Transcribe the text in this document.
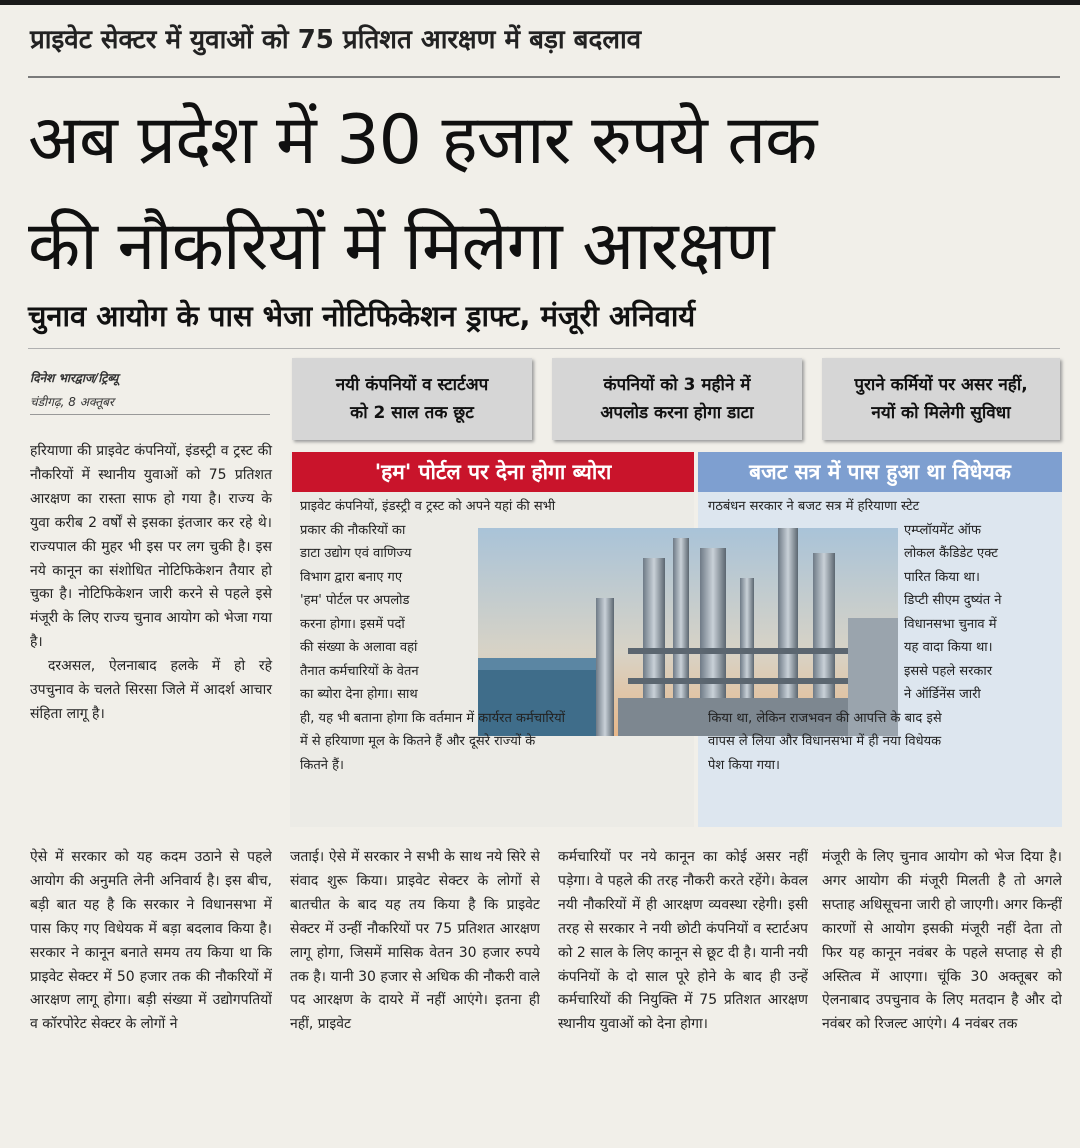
प्राइवेट सेक्टर में युवाओं को 75 प्रतिशत आरक्षण में बड़ा बदलाव
अब प्रदेश में 30 हजार रुपये तक
की नौकरियों में मिलेगा आरक्षण
चुनाव आयोग के पास भेजा नोटिफिकेशन ड्राफ्ट, मंजूरी अनिवार्य
दिनेश भारद्वाज/ट्रिब्यू
चंडीगढ़, 8 अक्तूबर
नयी कंपनियों व स्टार्टअप
को 2 साल तक छूट
कंपनियों को 3 महीने में
अपलोड करना होगा डाटा
पुराने कर्मियों पर असर नहीं,
नयों को मिलेगी सुविधा

हरियाणा की प्राइवेट कंपनियों, इंडस्ट्री व ट्रस्ट की नौकरियों में स्थानीय युवाओं को 75 प्रतिशत आरक्षण का रास्ता साफ हो गया है। राज्य के युवा करीब 2 वर्षों से इसका इंतजार कर रहे थे। राज्यपाल की मुहर भी इस पर लग चुकी है। इस नये कानून का संशोधित नोटिफिकेशन तैयार हो चुका है। नोटिफिकेशन जारी करने से पहले इसे मंजूरी के लिए राज्य चुनाव आयोग को भेजा गया है।

दरअसल, ऐलनाबाद हलके में हो रहे उपचुनाव के चलते सिरसा जिले में आदर्श आचार संहिता लागू है।

'हम' पोर्टल पर देना होगा ब्योरा	बजट सत्र में पास हुआ था विधेयक
प्राइवेट कंपनियों, इंडस्ट्री व ट्रस्ट को अपने यहां की सभी
प्रकार की नौकरियों का
डाटा उद्योग एवं वाणिज्य
विभाग द्वारा बनाए गए
'हम' पोर्टल पर अपलोड
करना होगा। इसमें पदों
की संख्या के अलावा वहां
तैनात कर्मचारियों के वेतन
का ब्योरा देना होगा। साथ
ही, यह भी बताना होगा कि वर्तमान में कार्यरत कर्मचारियों
में से हरियाणा मूल के कितने हैं और दूसरे राज्यों के
कितने हैं।
गठबंधन सरकार ने बजट सत्र में हरियाणा स्टेट
एम्प्लॉयमेंट ऑफ
लोकल कैंडिडेट एक्ट
पारित किया था।
डिप्टी सीएम दुष्यंत ने
विधानसभा चुनाव में
यह वादा किया था।
इससे पहले सरकार
ने ऑर्डिनेंस जारी
किया था, लेकिन राजभवन की आपत्ति के बाद इसे
वापस ले लिया और विधानसभा में ही नया विधेयक
पेश किया गया।

ऐसे में सरकार को यह कदम उठाने से पहले आयोग की अनुमति लेनी अनिवार्य है। इस बीच, बड़ी बात यह है कि सरकार ने विधानसभा में पास किए गए विधेयक में बड़ा बदलाव किया है। सरकार ने कानून बनाते समय तय किया था कि प्राइवेट सेक्टर में 50 हजार तक की नौकरियों में आरक्षण लागू होगा। बड़ी संख्या में उद्योगपतियों व कॉरपोरेट सेक्टर के लोगों ने

जताई। ऐसे में सरकार ने सभी के साथ नये सिरे से संवाद शुरू किया। प्राइवेट सेक्टर के लोगों से बातचीत के बाद यह तय किया है कि प्राइवेट सेक्टर में उन्हीं नौकरियों पर 75 प्रतिशत आरक्षण लागू होगा, जिसमें मासिक वेतन 30 हजार रुपये तक है। यानी 30 हजार से अधिक की नौकरी वाले पद आरक्षण के दायरे में नहीं आएंगे। इतना ही नहीं, प्राइवेट

कर्मचारियों पर नये कानून का कोई असर नहीं पड़ेगा। वे पहले की तरह नौकरी करते रहेंगे। केवल नयी नौकरियों में ही आरक्षण व्यवस्था रहेगी। इसी तरह से सरकार ने नयी छोटी कंपनियों व स्टार्टअप को 2 साल के लिए कानून से छूट दी है। यानी नयी कंपनियों के दो साल पूरे होने के बाद ही उन्हें कर्मचारियों की नियुक्ति में 75 प्रतिशत आरक्षण स्थानीय युवाओं को देना होगा।

मंजूरी के लिए चुनाव आयोग को भेज दिया है। अगर आयोग की मंजूरी मिलती है तो अगले सप्ताह अधिसूचना जारी हो जाएगी। अगर किन्हीं कारणों से आयोग इसकी मंजूरी नहीं देता तो फिर यह कानून नवंबर के पहले सप्ताह से ही अस्तित्व में आएगा। चूंकि 30 अक्तूबर को ऐलनाबाद उपचुनाव के लिए मतदान है और दो नवंबर को रिजल्ट आएंगे। 4 नवंबर तक
